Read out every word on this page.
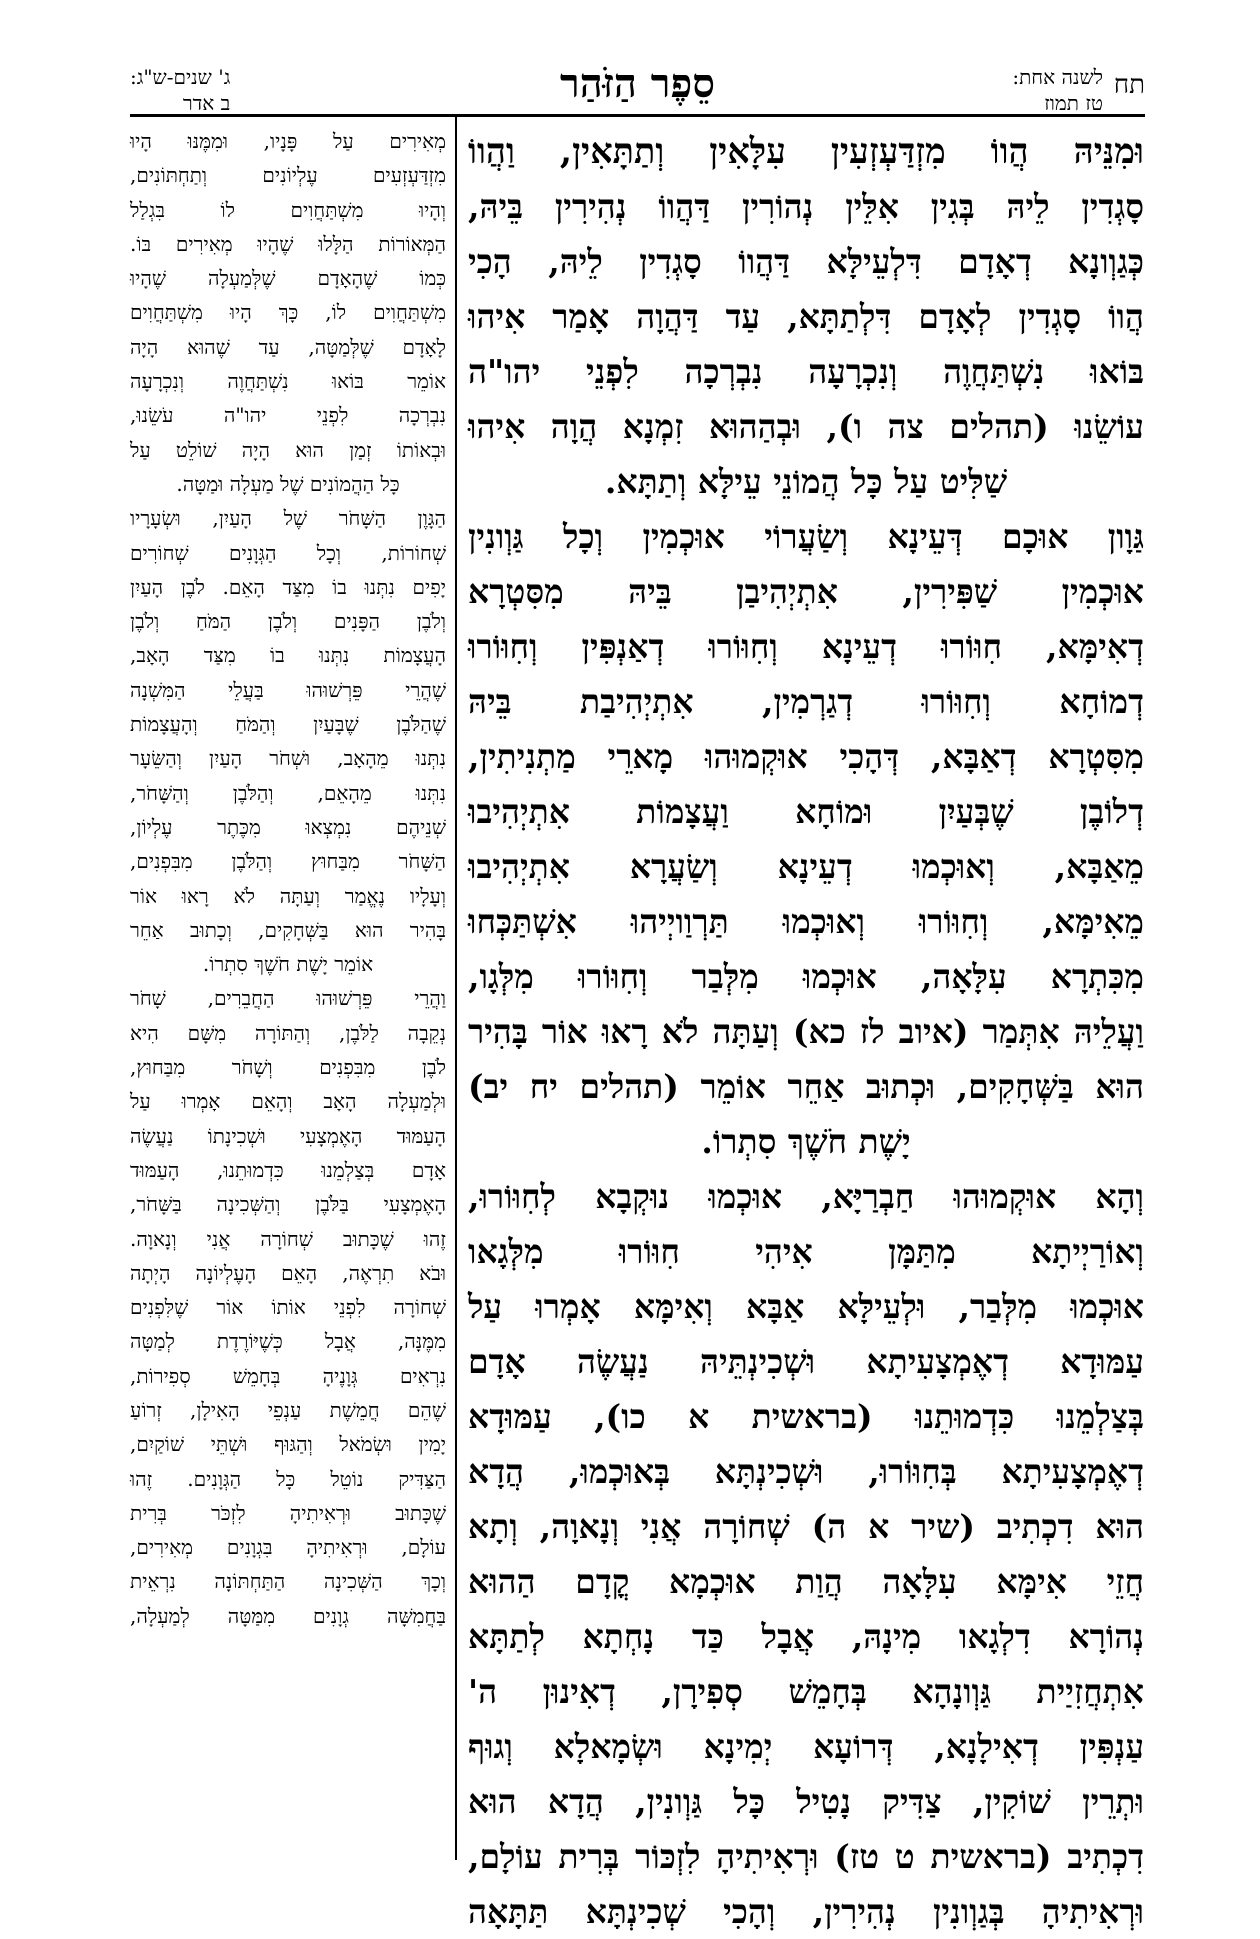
תח
לשנה אחת:
טז תמוז
סֵפֶר הַזֹּהַר
ג' שנים-ש"ג:
ב אדר

וּמִנֵּיהּ הֲווֹ מִזְדַּעְזְעִין עִלָּאִין וְתַתָּאִין, וַהֲווֹ

סָגְדִין לֵיהּ בְּגִין אִלֵּין נְהוֹרִין דַּהֲווֹ נְהִירִין בֵּיהּ,

כְּגַוְונָא דְאָדָם דִּלְעֵילָּא דַּהֲווֹ סָגְדִין לֵיהּ, הָכִי

הֲווֹ סָגְדִין לְאָדָם דִּלְתַתָּא, עַד דַּהֲוָה אָמַר אִיהוּ

בּוֹאוּ נִשְׁתַּחֲוֶה וְנִכְרָעָה נִבְרְכָה לִפְנֵי יהו"ה

עוֹשֵׂנוּ (תהלים צה ו), וּבְהַהוּא זִמְנָא הֲוָה אִיהוּ

שַׁלִּיט עַל כָּל הֲמוֹנֵי עֵילָּא וְתַתָּא.

גַּוָון אוּכָם דְּעֵינָא וְשַׂעֲרוֹי אוּכְמִין וְכָל גַּוְונִין

אוּכְמִין שַׁפִּירִין, אִתְיְהִיבַן בֵּיהּ מִסִּטְרָא

דְאִימָּא, חִוּוֹרוּ דְעֵינָא וְחִוּוֹרוּ דְאַנְפִּין וְחִוּוֹרוּ

דְמוֹחָא וְחִוּוֹרוּ דְגַרְמִין, אִתְיְהִיבַת בֵּיהּ

מִסִּטְרָא דְאַבָּא, דְּהָכִי אוּקְמוּהוּ מָארֵי מַתְנִיתִין,

דְלוֹבֶן שֶׁבְּעַיִן וּמוֹחָא וַעֲצָמוֹת אִתְיְהִיבוּ

מֵאַבָּא, וְאוּכְמוּ דְעֵינָא וְשַׂעֲרָא אִתְיְהִיבוּ

מֵאִימָּא, וְחִוּוֹרוּ וְאוּכְמוּ תַּרְוַויְיהוּ אִשְׁתַּכְּחוּ

מִכִּתְרָא עִלָּאָה, אוּכְמוּ מִלְּבַר וְחִוּוֹרוּ מִלְּגָו,

וַעֲלֵיהּ אִתְּמַר (איוב לז כא) וְעַתָּה לֹא רָאוּ אוֹר בָּהִיר

הוּא בַּשְּׁחָקִים, וּכְתוּב אַחֵר אוֹמֵר (תהלים יח יב)

יָשֶׁת חֹשֶׁךְ סִתְרוֹ.

וְהָא אוּקְמוּהוּ חַבְרַיָּא, אוּכְמוּ נוּקְבָא לְחִוּוֹרוּ,

וְאוֹרַיְיתָא מִתַּמָּן אִיהִי חִוּוֹרוּ מִלְּגָאו

אוּכְמוּ מִלְּבַר, וּלְעֵילָּא אַבָּא וְאִימָּא אָמְרוּ עַל

עַמּוּדָא דְאֶמְצָעִיתָא וּשְׁכִינְתֵּיהּ נַעֲשֶׂה אָדָם

בְּצַלְמֵנוּ כִּדְמוּתֵנוּ (בראשית א כו), עַמּוּדָא

דְאֶמְצָעִיתָא בְּחִוּוֹרוּ, וּשְׁכִינְתָּא בְּאוּכְמוּ, הֲדָא

הוּא דִכְתִיב (שיר א ה) שְׁחוֹרָה אֲנִי וְנָאוָה, וְתָא

חֲזֵי אִימָּא עִלָּאָה הֲוַת אוּכְמָא קֳדָם הַהוּא

נְהוֹרָא דִלְגָאו מִינָהּ, אֲבָל כַּד נָחְתָא לְתַתָּא

אִתְחֲזִיַית גַּוְונָהָא בְּחָמֵשׁ סְפִירָן, דְאִינוּן ה'

עַנְפִּין דְאִילָנָא, דְּרוֹעָא יְמִינָא וּשְׂמָאלָא וְגוּף

וּתְרֵין שׁוֹקִין, צַדִּיק נָטִיל כָּל גַּוְונִין, הֲדָא הוּא

דִכְתִיב (בראשית ט טז) וּרְאִיתִיהָ לִזְכּוֹר בְּרִית עוֹלָם,

וּרְאִיתִיהָ בְּגַוְונִין נְהִירִין, וְהָכִי שְׁכִינְתָּא תַּתָּאָה

מְאִירִים עַל פָּנָיו, וּמִמֶּנּוּ הָיוּ

מִזְדַּעְזְעִים עֶלְיוֹנִים וְתַחְתּוֹנִים,

וְהָיוּ מִשְׁתַּחֲוִים לוֹ בִּגְלַל

הַמְּאוֹרוֹת הַלָּלוּ שֶׁהָיוּ מְאִירִים בּוֹ.

כְּמוֹ שֶׁהָאָדָם שֶׁלְּמַעְלָה שֶׁהָיוּ

מִשְׁתַּחֲוִים לוֹ, כָּךְ הָיוּ מִשְׁתַּחֲוִים

לָאָדָם שֶׁלְּמַטָּה, עַד שֶׁהוּא הָיָה

אוֹמֵר בּוֹאוּ נִשְׁתַּחֲוֶה וְנִכְרָעָה

נִבְרְכָה לִפְנֵי יהו"ה עֹשֵׂנוּ,

וּבְאוֹתוֹ זְמַן הוּא הָיָה שׁוֹלֵט עַל

כָּל הַהֲמוֹנִים שֶׁל מַעְלָה וּמַטָּה.

הַגָּוֶן הַשָּׁחֹר שֶׁל הָעַיִן, וּשְׂעָרָיו

שְׁחוֹרוֹת, וְכָל הַגְּוָנִים שְׁחוֹרִים

יָפִים נִתְּנוּ בוֹ מִצַּד הָאֵם. לֹבֶן הָעַיִן

וְלֹבֶן הַפָּנִים וְלֹבֶן הַמֹּחַ וְלֹבֶן

הָעֲצָמוֹת נִתְּנוּ בוֹ מִצַּד הָאָב,

שֶׁהֲרֵי פֵּרְשׁוּהוּ בַּעֲלֵי הַמִּשְׁנָה

שֶׁהַלֹּבֶן שֶׁבָּעַיִן וְהַמֹּחַ וְהָעֲצָמוֹת

נִתְּנוּ מֵהָאָב, וּשְׁחֹר הָעַיִן וְהַשֵּׂעָר

נִתְּנוּ מֵהָאֵם, וְהַלֹּבֶן וְהַשָּׁחֹר,

שְׁנֵיהֶם נִמְצְאוּ מִכֶּתֶר עֶלְיוֹן,

הַשָּׁחֹר מִבַּחוּץ וְהַלֹּבֶן מִבִּפְנִים,

וְעָלָיו נֶאֱמַר וְעַתָּה לֹא רָאוּ אוֹר

בָּהִיר הוּא בַּשְּׁחָקִים, וְכָתוּב אַחֵר

אוֹמֵר יָשֶׁת חֹשֶׁךְ סִתְרוֹ.

וַהֲרֵי פֵּרְשׁוּהוּ הַחֲבֵרִים, שָׁחֹר

נְקֵבָה לַלֹּבֶן, וְהַתּוֹרָה מִשָּׁם הִיא

לֹבֶן מִבִּפְנִים וְשָׁחֹר מִבַּחוּץ,

וּלְמַעְלָה הָאָב וְהָאֵם אָמְרוּ עַל

הָעַמּוּד הָאֶמְצָעִי וּשְׁכִינָתוֹ נַעֲשֶׂה

אָדָם בְּצַלְמֵנוּ כִּדְמוּתֵנוּ, הָעַמּוּד

הָאֶמְצָעִי בַּלֹּבֶן וְהַשְּׁכִינָה בַּשָּׁחֹר,

זֶהוּ שֶׁכָּתוּב שְׁחוֹרָה אֲנִי וְנָאוָה.

וּבֹא תִרְאֶה, הָאֵם הָעֶלְיוֹנָה הָיְתָה

שְׁחוֹרָה לִפְנֵי אוֹתוֹ אוֹר שֶׁלִּפְנִים

מִמֶּנָּה, אֲבָל כְּשֶׁיּוֹרֶדֶת לְמַטָּה

נִרְאִים גְּוָנֶיהָ בְּחָמֵשׁ סְפִירוֹת,

שֶׁהֵם חֲמֵשֶׁת עַנְפֵי הָאִילָן, זְרוֹעַ

יָמִין וּשְׂמֹאל וְהַגּוּף וּשְׁתֵּי שׁוֹקַיִם,

הַצַּדִּיק נוֹטֵל כָּל הַגְּוָנִים. זֶהוּ

שֶׁכָּתוּב וּרְאִיתִיהָ לִזְכֹּר בְּרִית

עוֹלָם, וּרְאִיתִיהָ בִּגְוָנִים מְאִירִים,

וְכָךְ הַשְּׁכִינָה הַתַּחְתּוֹנָה נִרְאֵית

בַּחֲמִשָּׁה גְוָנִים מִמַּטָּה לְמַעְלָה,
